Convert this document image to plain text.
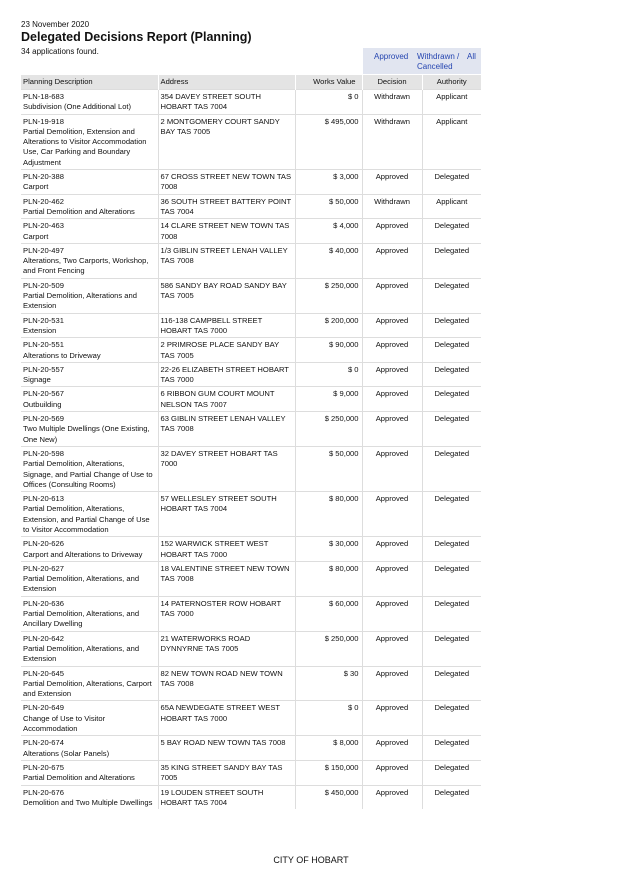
23 November 2020
Delegated Decisions Report (Planning)
34 applications found.
Approved Withdrawn / All
Cancelled
Planning Description	Address	Works Value	Decision	Authority

PLN-18-683
Subdivision (One Additional Lot)	354 DAVEY STREET SOUTH HOBART TAS 7004	$ 0	Withdrawn	Applicant

PLN-19-918
Partial Demolition, Extension and Alterations to Visitor Accommodation Use, Car Parking and Boundary Adjustment	2 MONTGOMERY COURT SANDY BAY TAS 7005	$ 495,000	Withdrawn	Applicant

PLN-20-388
Carport	67 CROSS STREET NEW TOWN TAS 7008	$ 3,000	Approved	Delegated

PLN-20-462
Partial Demolition and Alterations	36 SOUTH STREET BATTERY POINT TAS 7004	$ 50,000	Withdrawn	Applicant

PLN-20-463
Carport	14 CLARE STREET NEW TOWN TAS 7008	$ 4,000	Approved	Delegated

PLN-20-497
Alterations, Two Carports, Workshop, and Front Fencing	1/3 GIBLIN STREET LENAH VALLEY TAS 7008	$ 40,000	Approved	Delegated

PLN-20-509
Partial Demolition, Alterations and Extension	586 SANDY BAY ROAD SANDY BAY TAS 7005	$ 250,000	Approved	Delegated

PLN-20-531
Extension	116-138 CAMPBELL STREET HOBART TAS 7000	$ 200,000	Approved	Delegated

PLN-20-551
Alterations to Driveway	2 PRIMROSE PLACE SANDY BAY TAS 7005	$ 90,000	Approved	Delegated

PLN-20-557
Signage	22-26 ELIZABETH STREET HOBART TAS 7000	$ 0	Approved	Delegated

PLN-20-567
Outbuilding	6 RIBBON GUM COURT MOUNT NELSON TAS 7007	$ 9,000	Approved	Delegated

PLN-20-569
Two Multiple Dwellings (One Existing, One New)	63 GIBLIN STREET LENAH VALLEY TAS 7008	$ 250,000	Approved	Delegated

PLN-20-598
Partial Demolition, Alterations, Signage, and Partial Change of Use to Offices (Consulting Rooms)	32 DAVEY STREET HOBART TAS 7000	$ 50,000	Approved	Delegated

PLN-20-613
Partial Demolition, Alterations, Extension, and Partial Change of Use to Visitor Accommodation	57 WELLESLEY STREET SOUTH HOBART TAS 7004	$ 80,000	Approved	Delegated

PLN-20-626
Carport and Alterations to Driveway	152 WARWICK STREET WEST HOBART TAS 7000	$ 30,000	Approved	Delegated

PLN-20-627
Partial Demolition, Alterations, and Extension	18 VALENTINE STREET NEW TOWN TAS 7008	$ 80,000	Approved	Delegated

PLN-20-636
Partial Demolition, Alterations, and Ancillary Dwelling	14 PATERNOSTER ROW HOBART TAS 7000	$ 60,000	Approved	Delegated

PLN-20-642
Partial Demolition, Alterations, and Extension	21 WATERWORKS ROAD DYNNYRNE TAS 7005	$ 250,000	Approved	Delegated

PLN-20-645
Partial Demolition, Alterations, Carport and Extension	82 NEW TOWN ROAD NEW TOWN TAS 7008	$ 30	Approved	Delegated

PLN-20-649
Change of Use to Visitor Accommodation	65A NEWDEGATE STREET WEST HOBART TAS 7000	$ 0	Approved	Delegated

PLN-20-674
Alterations (Solar Panels)	5 BAY ROAD NEW TOWN TAS 7008	$ 8,000	Approved	Delegated

PLN-20-675
Partial Demolition and Alterations	35 KING STREET SANDY BAY TAS 7005	$ 150,000	Approved	Delegated

PLN-20-676
Demolition and Two Multiple Dwellings	19 LOUDEN STREET SOUTH HOBART TAS 7004	$ 450,000	Approved	Delegated
CITY OF HOBART
